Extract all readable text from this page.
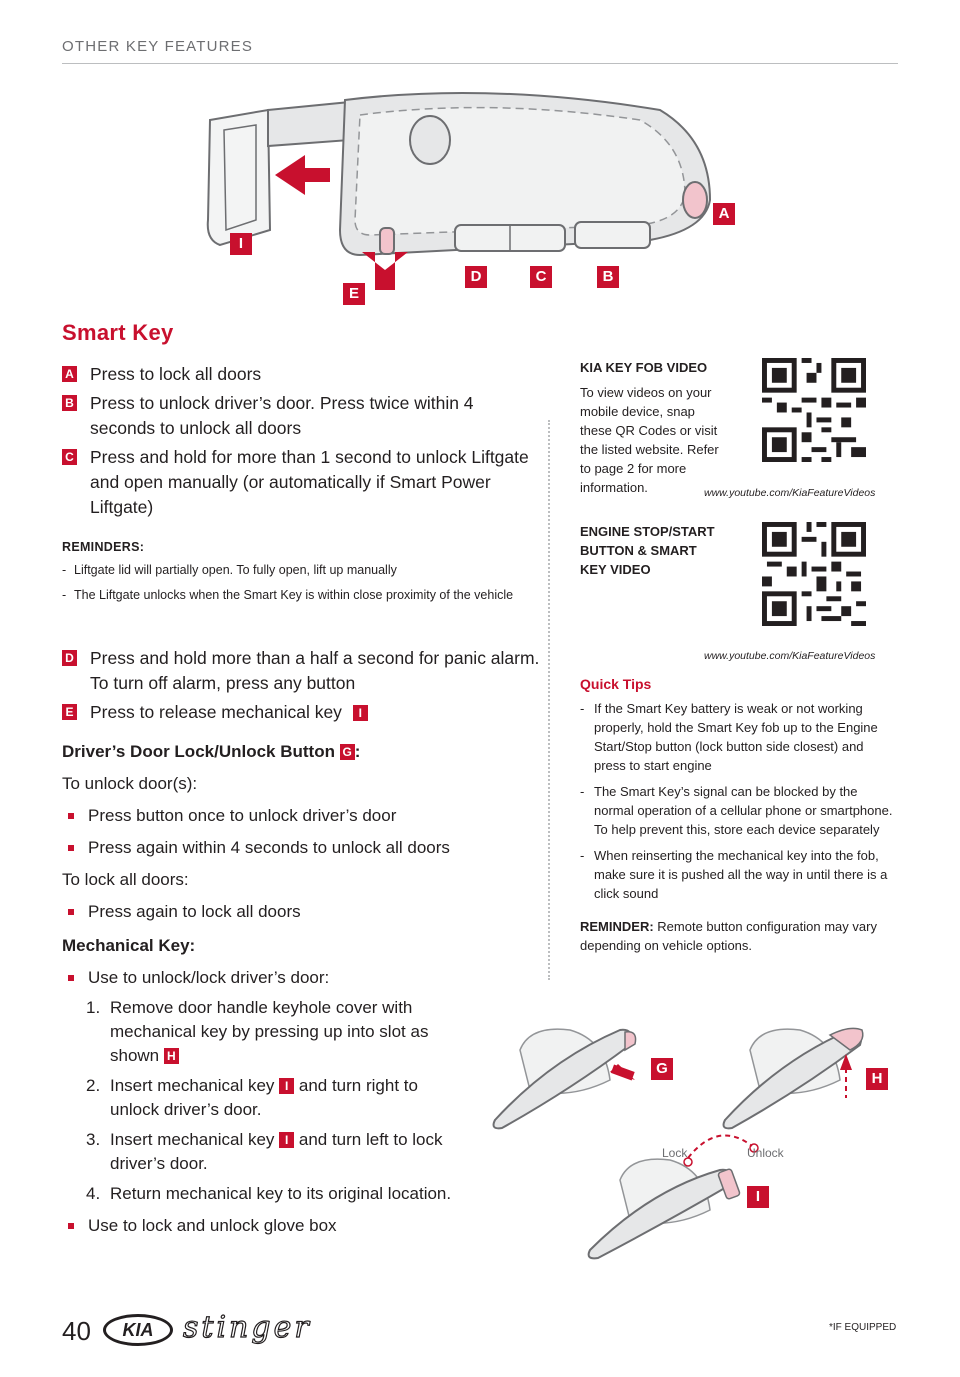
OTHER KEY FEATURES
A
I
E
D	C	B
Smart Key
A Press to lock all doors
B Press to unlock driver’s door. Press twice within 4 seconds to unlock all doors
C Press and hold for more than 1 second to unlock Liftgate and open manually (or automatically if Smart Power Liftgate)
REMINDERS:
- Liftgate lid will partially open. To fully open, lift up manually
- The Liftgate unlocks when the Smart Key is within close proximity of the vehicle
D Press and hold more than a half a second for panic alarm. To turn off alarm, press any button
E Press to release mechanical key I
Driver’s Door Lock/Unlock Button G :
To unlock door(s):
Press button once to unlock driver’s door
Press again within 4 seconds to unlock all doors
To lock all doors:
Press again to lock all doors
Mechanical Key:
Use to unlock/lock driver’s door:
1. Remove door handle keyhole cover with mechanical key by pressing up into slot as shown H
2. Insert mechanical key I and turn right to unlock driver’s door.
3. Insert mechanical key I and turn left to lock driver’s door.
4. Return mechanical key to its original location.
Use to lock and unlock glove box
KIA KEY FOB VIDEO
To view videos on your mobile device, snap these QR Codes or visit the listed website. Refer to page 2 for more information.	www.youtube.com/KiaFeatureVideos
ENGINE STOP/START BUTTON & SMART KEY VIDEO
www.youtube.com/KiaFeatureVideos
Quick Tips
- If the Smart Key battery is weak or not working properly, hold the Smart Key fob up to the Engine Start/Stop button (lock button side closest) and press to start engine
- The Smart Key’s signal can be blocked by the normal operation of a cellular phone or smartphone. To help prevent this, store each device separately
- When reinserting the mechanical key into the fob, make sure it is pushed all the way in until there is a click sound
REMINDER: Remote button configuration may vary depending on vehicle options.
G
H
I
Lock	Unlock
40	KIA stinger	*IF EQUIPPED
